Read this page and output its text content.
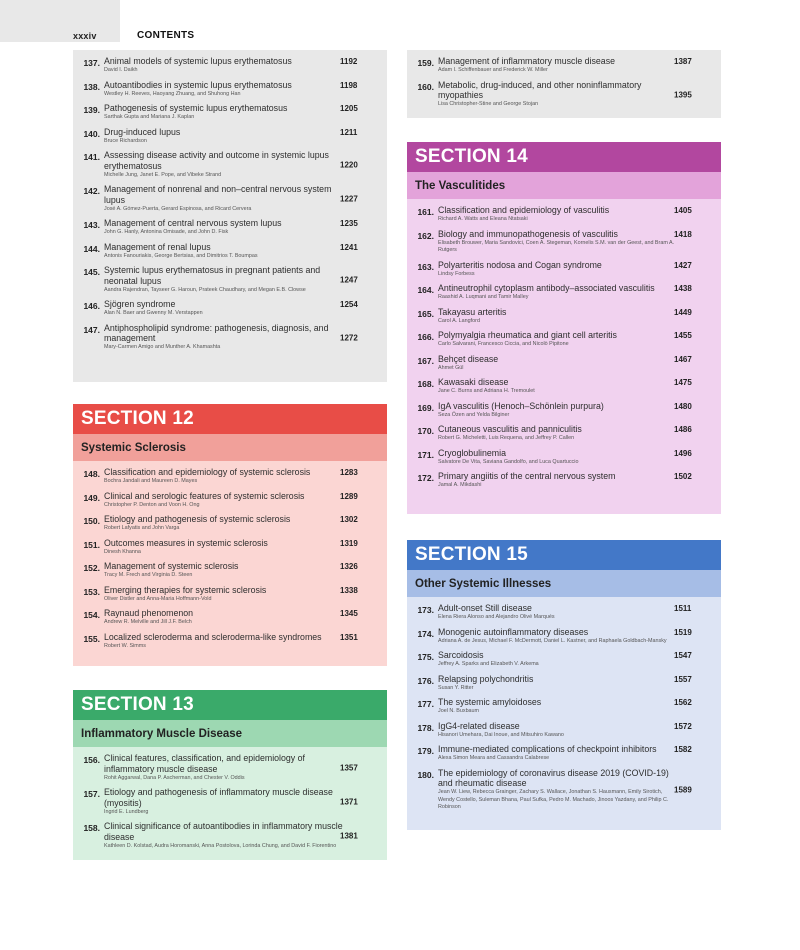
xxxiv	CONTENTS
137. Animal models of systemic lupus erythematosus
David I. Daikh
1192
138. Autoantibodies in systemic lupus erythematosus
Westley H. Reeves, Haoyang Zhuang, and Shuhong Han
1198
139. Pathogenesis of systemic lupus erythematosus
Sarthak Gupta and Mariana J. Kaplan
1205
140. Drug-induced lupus
Bruce Richardson
1211
141. Assessing disease activity and outcome in systemic lupus erythematosus
Michelle Jung, Janet E. Pope, and Vibeke Strand
1220
142. Management of nonrenal and non–central nervous system lupus
José A. Gómez-Puerta, Gerard Espinosa, and Ricard Cervera
1227
143. Management of central nervous system lupus
John G. Hanly, Antonina Omisade, and John D. Fisk
1235
144. Management of renal lupus
Antonis Fanouriakis, George Bertsias, and Dimitrios T. Boumpas
1241
145. Systemic lupus erythematosus in pregnant patients and neonatal lupus
Aandra Rajendran, Tayseer G. Haroun, Prateek Chaudhary, and Megan E.B. Clowse
1247
146. Sjögren syndrome
Alan N. Baer and Gwenny M. Verstappen
1254
147. Antiphospholipid syndrome: pathogenesis, diagnosis, and management
Mary-Carmen Amigo and Munther A. Khamashta
1272
159. Management of inflammatory muscle disease
Adam I. Schiffenbauer and Frederick W. Miller
1387
160. Metabolic, drug-induced, and other noninflammatory myopathies
Lisa Christopher-Stine and George Stojan
1395
SECTION 12
Systemic Sclerosis
148. Classification and epidemiology of systemic sclerosis
Bochra Jandali and Maureen D. Mayes
1283
149. Clinical and serologic features of systemic sclerosis
Christopher P. Denton and Voon H. Ong
1289
150. Etiology and pathogenesis of systemic sclerosis
Robert Lafyatis and John Varga
1302
151. Outcomes measures in systemic sclerosis
Dinesh Khanna
1319
152. Management of systemic sclerosis
Tracy M. Frech and Virginia D. Steen
1326
153. Emerging therapies for systemic sclerosis
Oliver Distler and Anna-Maria Hoffmann-Vold
1338
154. Raynaud phenomenon
Andrew R. Melville and Jill J.F. Belch
1345
155. Localized scleroderma and scleroderma-like syndromes
Robert W. Simms
1351
SECTION 13
Inflammatory Muscle Disease
156. Clinical features, classification, and epidemiology of inflammatory muscle disease
Rohit Aggarwal, Dana P. Ascherman, and Chester V. Oddis
1357
157. Etiology and pathogenesis of inflammatory muscle disease (myositis)
Ingrid E. Lundberg
1371
158. Clinical significance of autoantibodies in inflammatory muscle disease
Kathleen D. Kolstad, Audra Horomanski, Anna Postolova, Lorinda Chung, and David F. Fiorentino
1381
SECTION 14
The Vasculitides
161. Classification and epidemiology of vasculitis
Richard A. Watts and Eleana Ntatsaki
1405
162. Biology and immunopathogenesis of vasculitis
Elisabeth Brouwer, Maria Sandovici, Coen A. Stegeman, Kornelis S.M. van der Geest, and Bram A. Rutgers
1418
163. Polyarteritis nodosa and Cogan syndrome
Lindsy Forbess
1427
164. Antineutrophil cytoplasm antibody–associated vasculitis
Raashid A. Luqmani and Tamir Malley
1438
165. Takayasu arteritis
Carol A. Langford
1449
166. Polymyalgia rheumatica and giant cell arteritis
Carlo Salvarani, Francesco Ciccia, and Nicolò Pipitone
1455
167. Behçet disease
Ahmet Gül
1467
168. Kawasaki disease
Jane C. Burns and Adriana H. Tremoulet
1475
169. IgA vasculitis (Henoch–Schönlein purpura)
Seza Özen and Yelda Bilginer
1480
170. Cutaneous vasculitis and panniculitis
Robert G. Micheletti, Luis Requena, and Jeffrey P. Callen
1486
171. Cryoglobulinemia
Salvatore De Vita, Saviana Gandolfo, and Luca Quartuccio
1496
172. Primary angiitis of the central nervous system
Jamal A. Mikdashi
1502
SECTION 15
Other Systemic Illnesses
173. Adult-onset Still disease
Elena Riera Alonso and Alejandro Olivé Marqués
1511
174. Monogenic autoinflammatory diseases
Adriana A. de Jesus, Michael F. McDermott, Daniel L. Kastner, and Raphaela Goldbach-Mansky
1519
175. Sarcoidosis
Jeffrey A. Sparks and Elizabeth V. Arkema
1547
176. Relapsing polychondritis
Susan Y. Ritter
1557
177. The systemic amyloidoses
Joel N. Buxbaum
1562
178. IgG4-related disease
Hisanori Umehara, Dai Inoue, and Mitsuhiro Kawano
1572
179. Immune-mediated complications of checkpoint inhibitors
Alexa Simon Meara and Cassandra Calabrese
1582
180. The epidemiology of coronavirus disease 2019 (COVID-19) and rheumatic disease
Jean W. Liew, Rebecca Grainger, Zachary S. Wallace, Jonathan S. Hausmann, Emily Sirotich, Wendy Costello, Suleman Bhana, Paul Sufka, Pedro M. Machado, Jinoos Yazdany, and Philip C. Robinson
1589
